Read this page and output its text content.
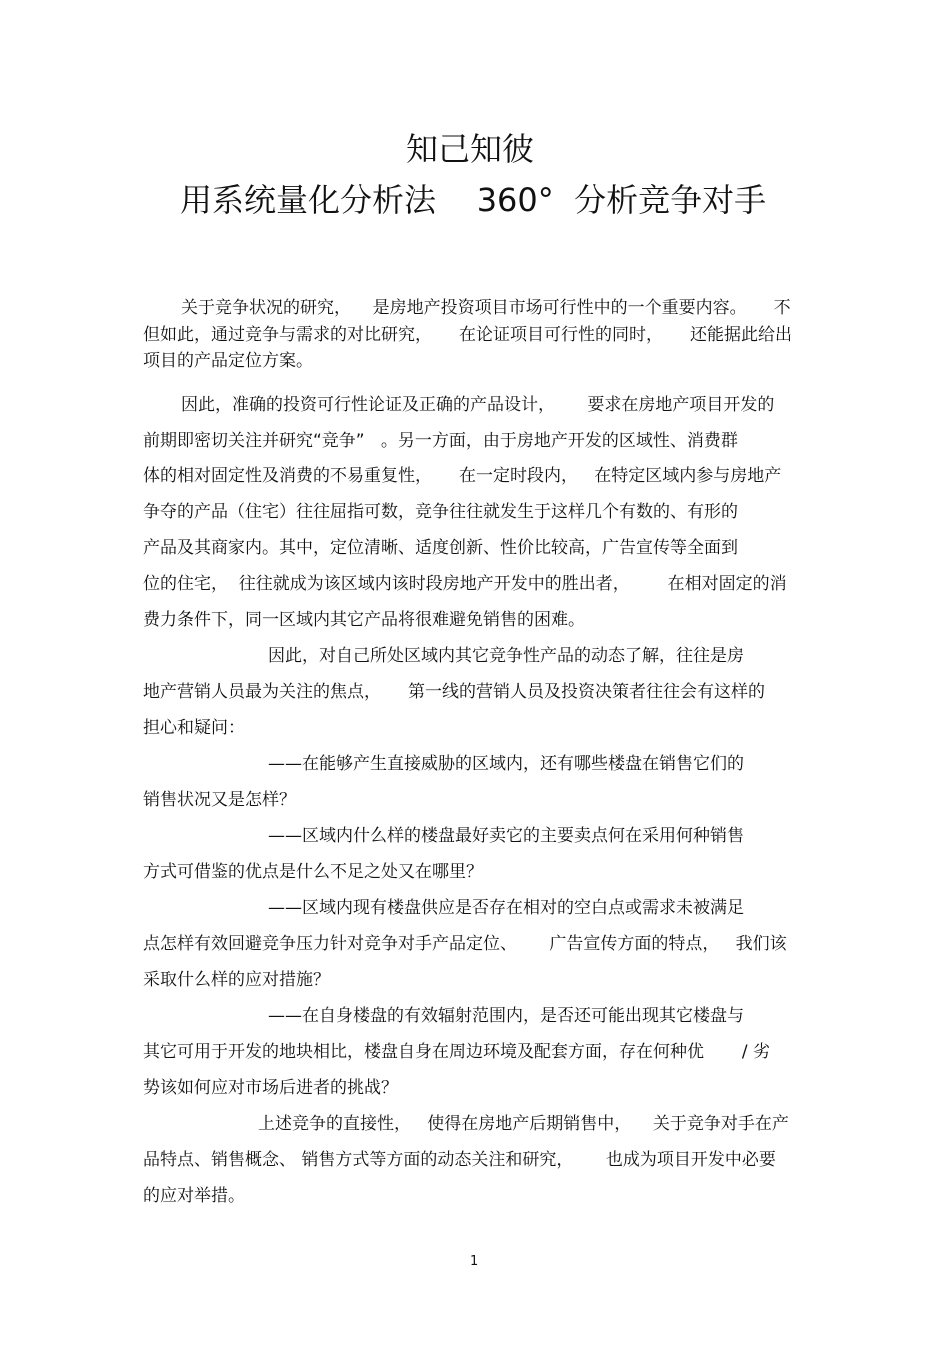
知己知彼
用系统量化分析法    360°  分析竞争对手
关于竞争状况的研究，    是房地产投资项目市场可行性中的一个重要内容。     不
但如此，通过竞争与需求的对比研究，     在论证项目可行性的同时，     还能据此给出
项目的产品定位方案。
因此，准确的投资可行性论证及正确的产品设计，      要求在房地产项目开发的
前期即密切关注并研究“竞争”   。另一方面，由于房地产开发的区域性、消费群
体的相对固定性及消费的不易重复性，     在一定时段内，   在特定区域内参与房地产
争夺的产品（住宅）往往屈指可数，竞争往往就发生于这样几个有数的、有形的
产品及其商家内。其中，定位清晰、适度创新、性价比较高，广告宣传等全面到
位的住宅，  往往就成为该区域内该时段房地产开发中的胜出者，       在相对固定的消
费力条件下，同一区域内其它产品将很难避免销售的困难。
因此，对自己所处区域内其它竞争性产品的动态了解，往往是房
地产营销人员最为关注的焦点，     第一线的营销人员及投资决策者往往会有这样的
担心和疑问：
——在能够产生直接威胁的区域内，还有哪些楼盘在销售它们的
销售状况又是怎样？
——区域内什么样的楼盘最好卖它的主要卖点何在采用何种销售
方式可借鉴的优点是什么不足之处又在哪里？
——区域内现有楼盘供应是否存在相对的空白点或需求未被满足
点怎样有效回避竞争压力针对竞争对手产品定位、      广告宣传方面的特点，   我们该
采取什么样的应对措施？
——在自身楼盘的有效辐射范围内，是否还可能出现其它楼盘与
其它可用于开发的地块相比，楼盘自身在周边环境及配套方面，存在何种优       / 劣
势该如何应对市场后进者的挑战？
上述竞争的直接性，   使得在房地产后期销售中，    关于竞争对手在产
品特点、销售概念、 销售方式等方面的动态关注和研究，      也成为项目开发中必要
的应对举措。
1
